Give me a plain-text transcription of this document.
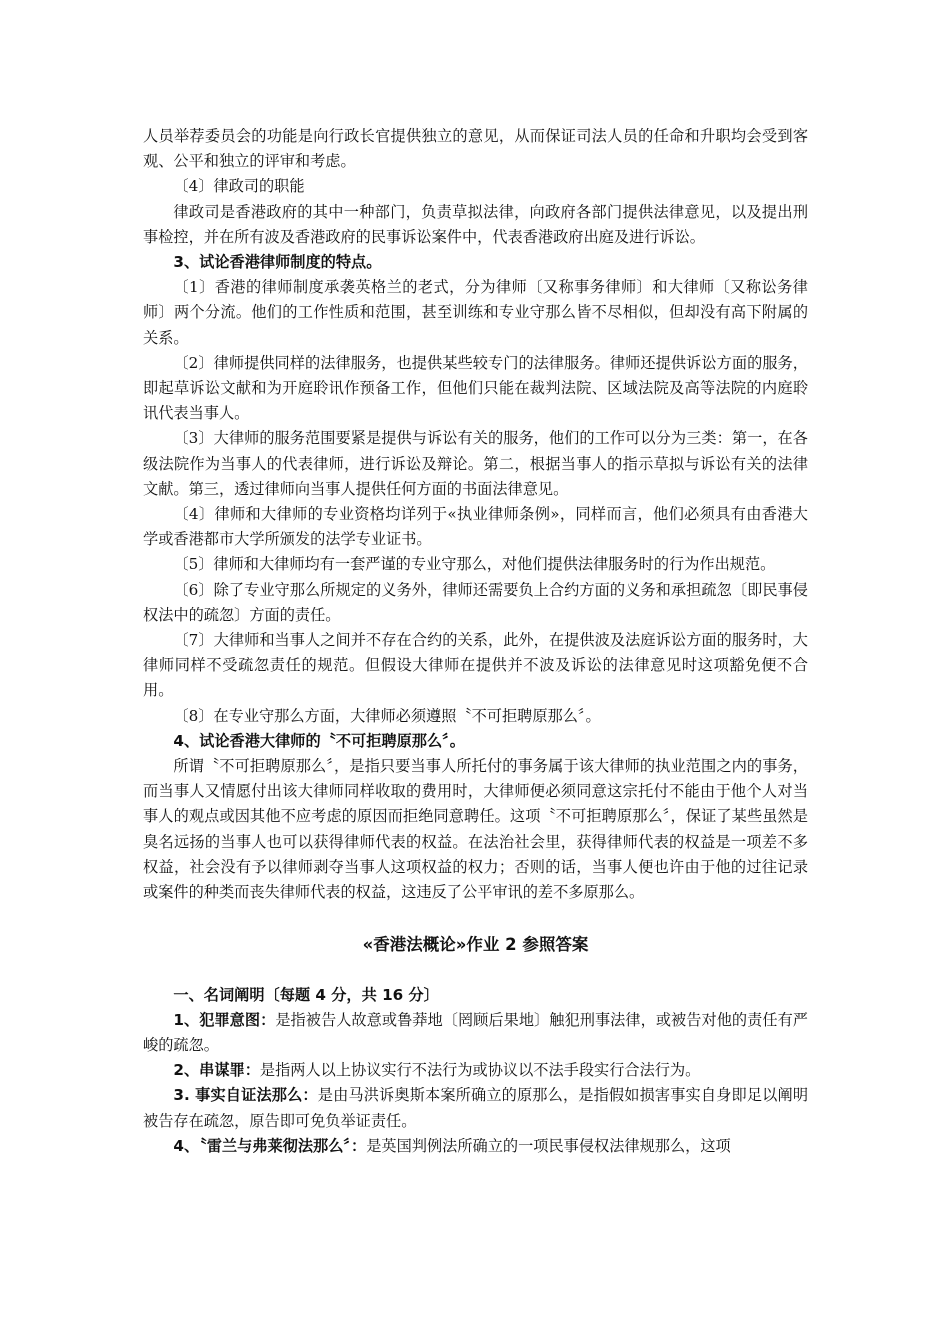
人员举荐委员会的功能是向行政长官提供独立的意见，从而保证司法人员的任命和升职均会受到客观、公平和独立的评审和考虑。

〔4〕律政司的职能

律政司是香港政府的其中一种部门，负责草拟法律，向政府各部门提供法律意见，以及提出刑事检控，并在所有波及香港政府的民事诉讼案件中，代表香港政府出庭及进行诉讼。

3、试论香港律师制度的特点。

〔1〕香港的律师制度承袭英格兰的老式，分为律师〔又称事务律师〕和大律师〔又称讼务律师〕两个分流。他们的工作性质和范围，甚至训练和专业守那么皆不尽相似，但却没有高下附属的关系。

〔2〕律师提供同样的法律服务，也提供某些较专门的法律服务。律师还提供诉讼方面的服务，即起草诉讼文献和为开庭聆讯作预备工作，但他们只能在裁判法院、区域法院及高等法院的内庭聆讯代表当事人。

〔3〕大律师的服务范围要紧是提供与诉讼有关的服务，他们的工作可以分为三类：第一，在各级法院作为当事人的代表律师，进行诉讼及辩论。第二，根据当事人的指示草拟与诉讼有关的法律文献。第三，透过律师向当事人提供任何方面的书面法律意见。

〔4〕律师和大律师的专业资格均详列于«执业律师条例»，同样而言，他们必须具有由香港大学或香港都市大学所颁发的法学专业证书。

〔5〕律师和大律师均有一套严谨的专业守那么，对他们提供法律服务时的行为作出规范。

〔6〕除了专业守那么所规定的义务外，律师还需要负上合约方面的义务和承担疏忽〔即民事侵权法中的疏忽〕方面的责任。

〔7〕大律师和当事人之间并不存在合约的关系，此外，在提供波及法庭诉讼方面的服务时，大律师同样不受疏忽责任的规范。但假设大律师在提供并不波及诉讼的法律意见时这项豁免便不合用。

〔8〕在专业守那么方面，大律师必须遵照〝不可拒聘原那么〞。

4、试论香港大律师的〝不可拒聘原那么〞。

所谓〝不可拒聘原那么〞，是指只要当事人所托付的事务属于该大律师的执业范围之内的事务，而当事人又情愿付出该大律师同样收取的费用时，大律师便必须同意这宗托付不能由于他个人对当事人的观点或因其他不应考虑的原因而拒绝同意聘任。这项〝不可拒聘原那么〞，保证了某些虽然是臭名远扬的当事人也可以获得律师代表的权益。在法治社会里，获得律师代表的权益是一项差不多权益，社会没有予以律师剥夺当事人这项权益的权力；否则的话，当事人便也许由于他的过往记录或案件的种类而丧失律师代表的权益，这违反了公平审讯的差不多原那么。

«香港法概论»作业 2 参照答案

一、名词阐明〔每题 4 分，共 16 分〕

1、犯罪意图：是指被告人故意或鲁莽地〔罔顾后果地〕触犯刑事法律，或被告对他的责任有严峻的疏忽。

2、串谋罪：是指两人以上协议实行不法行为或协议以不法手段实行合法行为。

3. 事实自证法那么：是由马洪诉奥斯本案所确立的原那么，是指假如损害事实自身即足以阐明被告存在疏忽，原告即可免负举证责任。

4、〝雷兰与弗莱彻法那么〞：是英国判例法所确立的一项民事侵权法律规那么，这项
